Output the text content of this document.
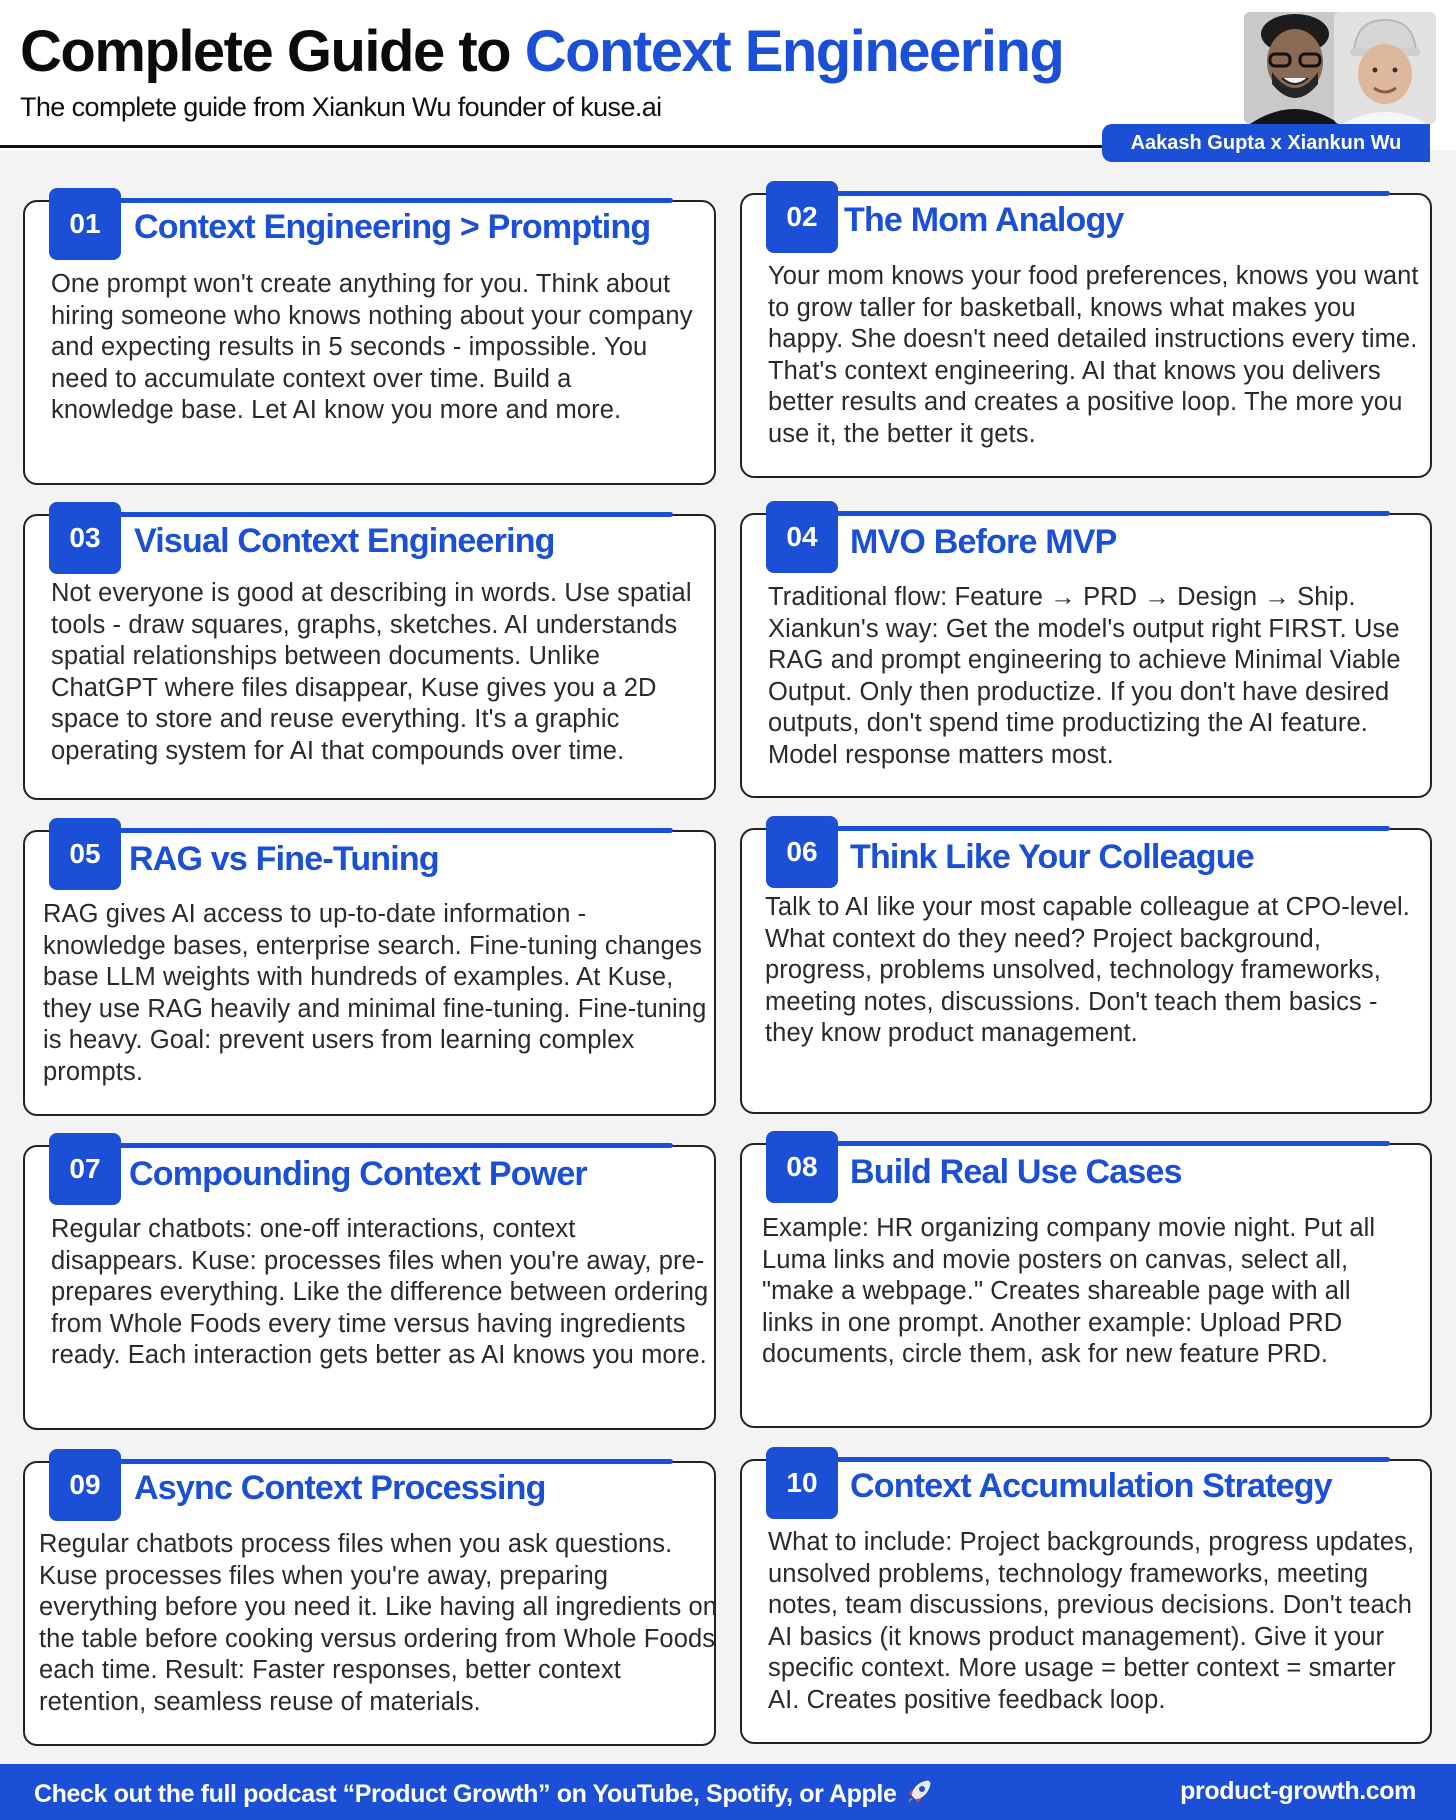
Complete Guide to Context Engineering
The complete guide from Xiankun Wu founder of kuse.ai
Aakash Gupta x Xiankun Wu
01 Context Engineering > Prompting
One prompt won't create anything for you. Think about hiring someone who knows nothing about your company and expecting results in 5 seconds - impossible. You need to accumulate context over time. Build a knowledge base. Let AI know you more and more.
02 The Mom Analogy
Your mom knows your food preferences, knows you want to grow taller for basketball, knows what makes you happy. She doesn't need detailed instructions every time. That's context engineering. AI that knows you delivers better results and creates a positive loop. The more you use it, the better it gets.
03 Visual Context Engineering
Not everyone is good at describing in words. Use spatial tools - draw squares, graphs, sketches. AI understands spatial relationships between documents. Unlike ChatGPT where files disappear, Kuse gives you a 2D space to store and reuse everything. It's a graphic operating system for AI that compounds over time.
04 MVO Before MVP
Traditional flow: Feature → PRD → Design → Ship. Xiankun's way: Get the model's output right FIRST. Use RAG and prompt engineering to achieve Minimal Viable Output. Only then productize. If you don't have desired outputs, don't spend time productizing the AI feature. Model response matters most.
05 RAG vs Fine-Tuning
RAG gives AI access to up-to-date information - knowledge bases, enterprise search. Fine-tuning changes base LLM weights with hundreds of examples. At Kuse, they use RAG heavily and minimal fine-tuning. Fine-tuning is heavy. Goal: prevent users from learning complex prompts.
06 Think Like Your Colleague
Talk to AI like your most capable colleague at CPO-level. What context do they need? Project background, progress, problems unsolved, technology frameworks, meeting notes, discussions. Don't teach them basics - they know product management.
07 Compounding Context Power
Regular chatbots: one-off interactions, context disappears. Kuse: processes files when you're away, pre-prepares everything. Like the difference between ordering from Whole Foods every time versus having ingredients ready. Each interaction gets better as AI knows you more.
08 Build Real Use Cases
Example: HR organizing company movie night. Put all Luma links and movie posters on canvas, select all, "make a webpage." Creates shareable page with all links in one prompt. Another example: Upload PRD documents, circle them, ask for new feature PRD.
09 Async Context Processing
Regular chatbots process files when you ask questions. Kuse processes files when you're away, preparing everything before you need it. Like having all ingredients on the table before cooking versus ordering from Whole Foods each time. Result: Faster responses, better context retention, seamless reuse of materials.
10 Context Accumulation Strategy
What to include: Project backgrounds, progress updates, unsolved problems, technology frameworks, meeting notes, team discussions, previous decisions. Don't teach AI basics (it knows product management). Give it your specific context. More usage = better context = smarter AI. Creates positive feedback loop.
Check out the full podcast “Product Growth” on YouTube, Spotify, or Apple	product-growth.com
